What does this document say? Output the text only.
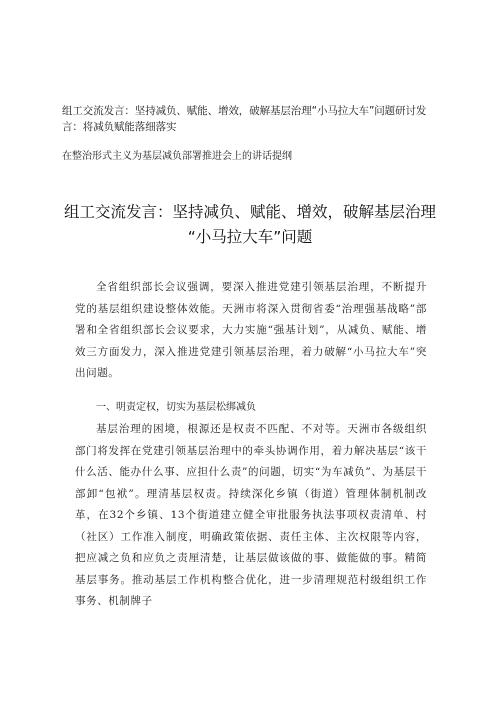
组工交流发言：坚持减负、赋能、增效，破解基层治理“小马拉大车”问题研讨发言：将减负赋能落细落实
在整治形式主义为基层减负部署推进会上的讲话提纲
组工交流发言：坚持减负、赋能、增效，破解基层治理
“小马拉大车”问题
全省组织部长会议强调，要深入推进党建引领基层治理，不断提升党的基层组织建设整体效能。天洲市将深入贯彻省委“治理强基战略”部署和全省组织部长会议要求，大力实施“强基计划”，从减负、赋能、增效三方面发力，深入推进党建引领基层治理，着力破解“小马拉大车”突出问题。
一、明责定权，切实为基层松绑减负
基层治理的困境，根源还是权责不匹配、不对等。天洲市各级组织部门将发挥在党建引领基层治理中的牵头协调作用，着力解决基层“该干什么活、能办什么事、应担什么责”的问题，切实“为车减负”、为基层干部卸“包袱”。理清基层权责。持续深化乡镇（街道）管理体制机制改革，在32个乡镇、13个街道建立健全审批服务执法事项权责清单、村（社区）工作准入制度，明确政策依据、责任主体、主次权限等内容，把应减之负和应负之责厘清楚，让基层做该做的事、做能做的事。精简基层事务。推动基层工作机构整合优化，进一步清理规范村级组织工作事务、机制牌子
